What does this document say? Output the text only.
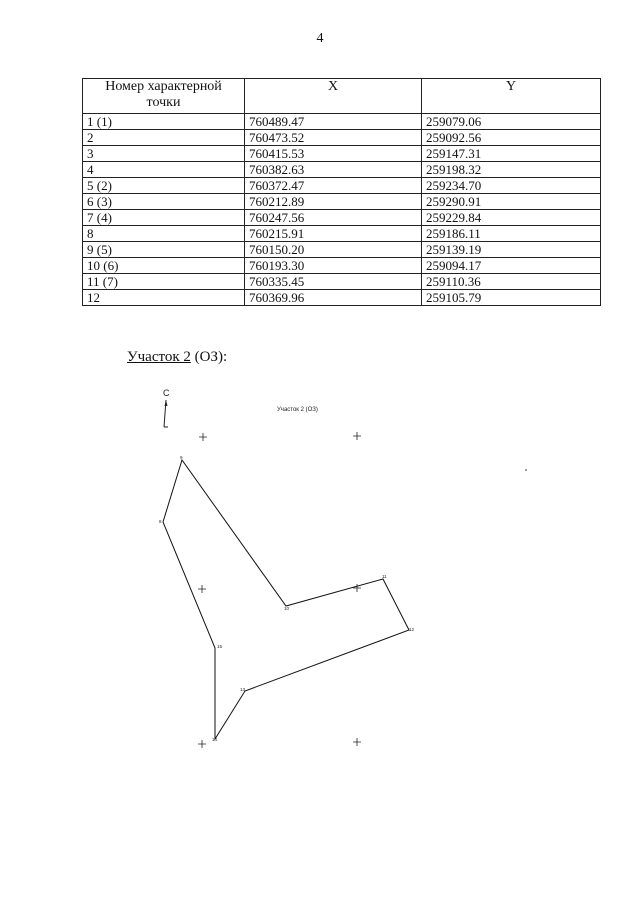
4
Номер характерной точки	X	Y
1 (1)	760489.47	259079.06
2	760473.52	259092.56
3	760415.53	259147.31
4	760382.63	259198.32
5 (2)	760372.47	259234.70
6 (3)	760212.89	259290.91
7 (4)	760247.56	259229.84
8	760215.91	259186.11
9 (5)	760150.20	259139.19
10 (6)	760193.30	259094.17
11 (7)	760335.45	259110.36
12	760369.96	259105.79
Участок 2 (ОЗ):
С
Участок 2 (ОЗ)
9
8
10
11
12
13
14
15
